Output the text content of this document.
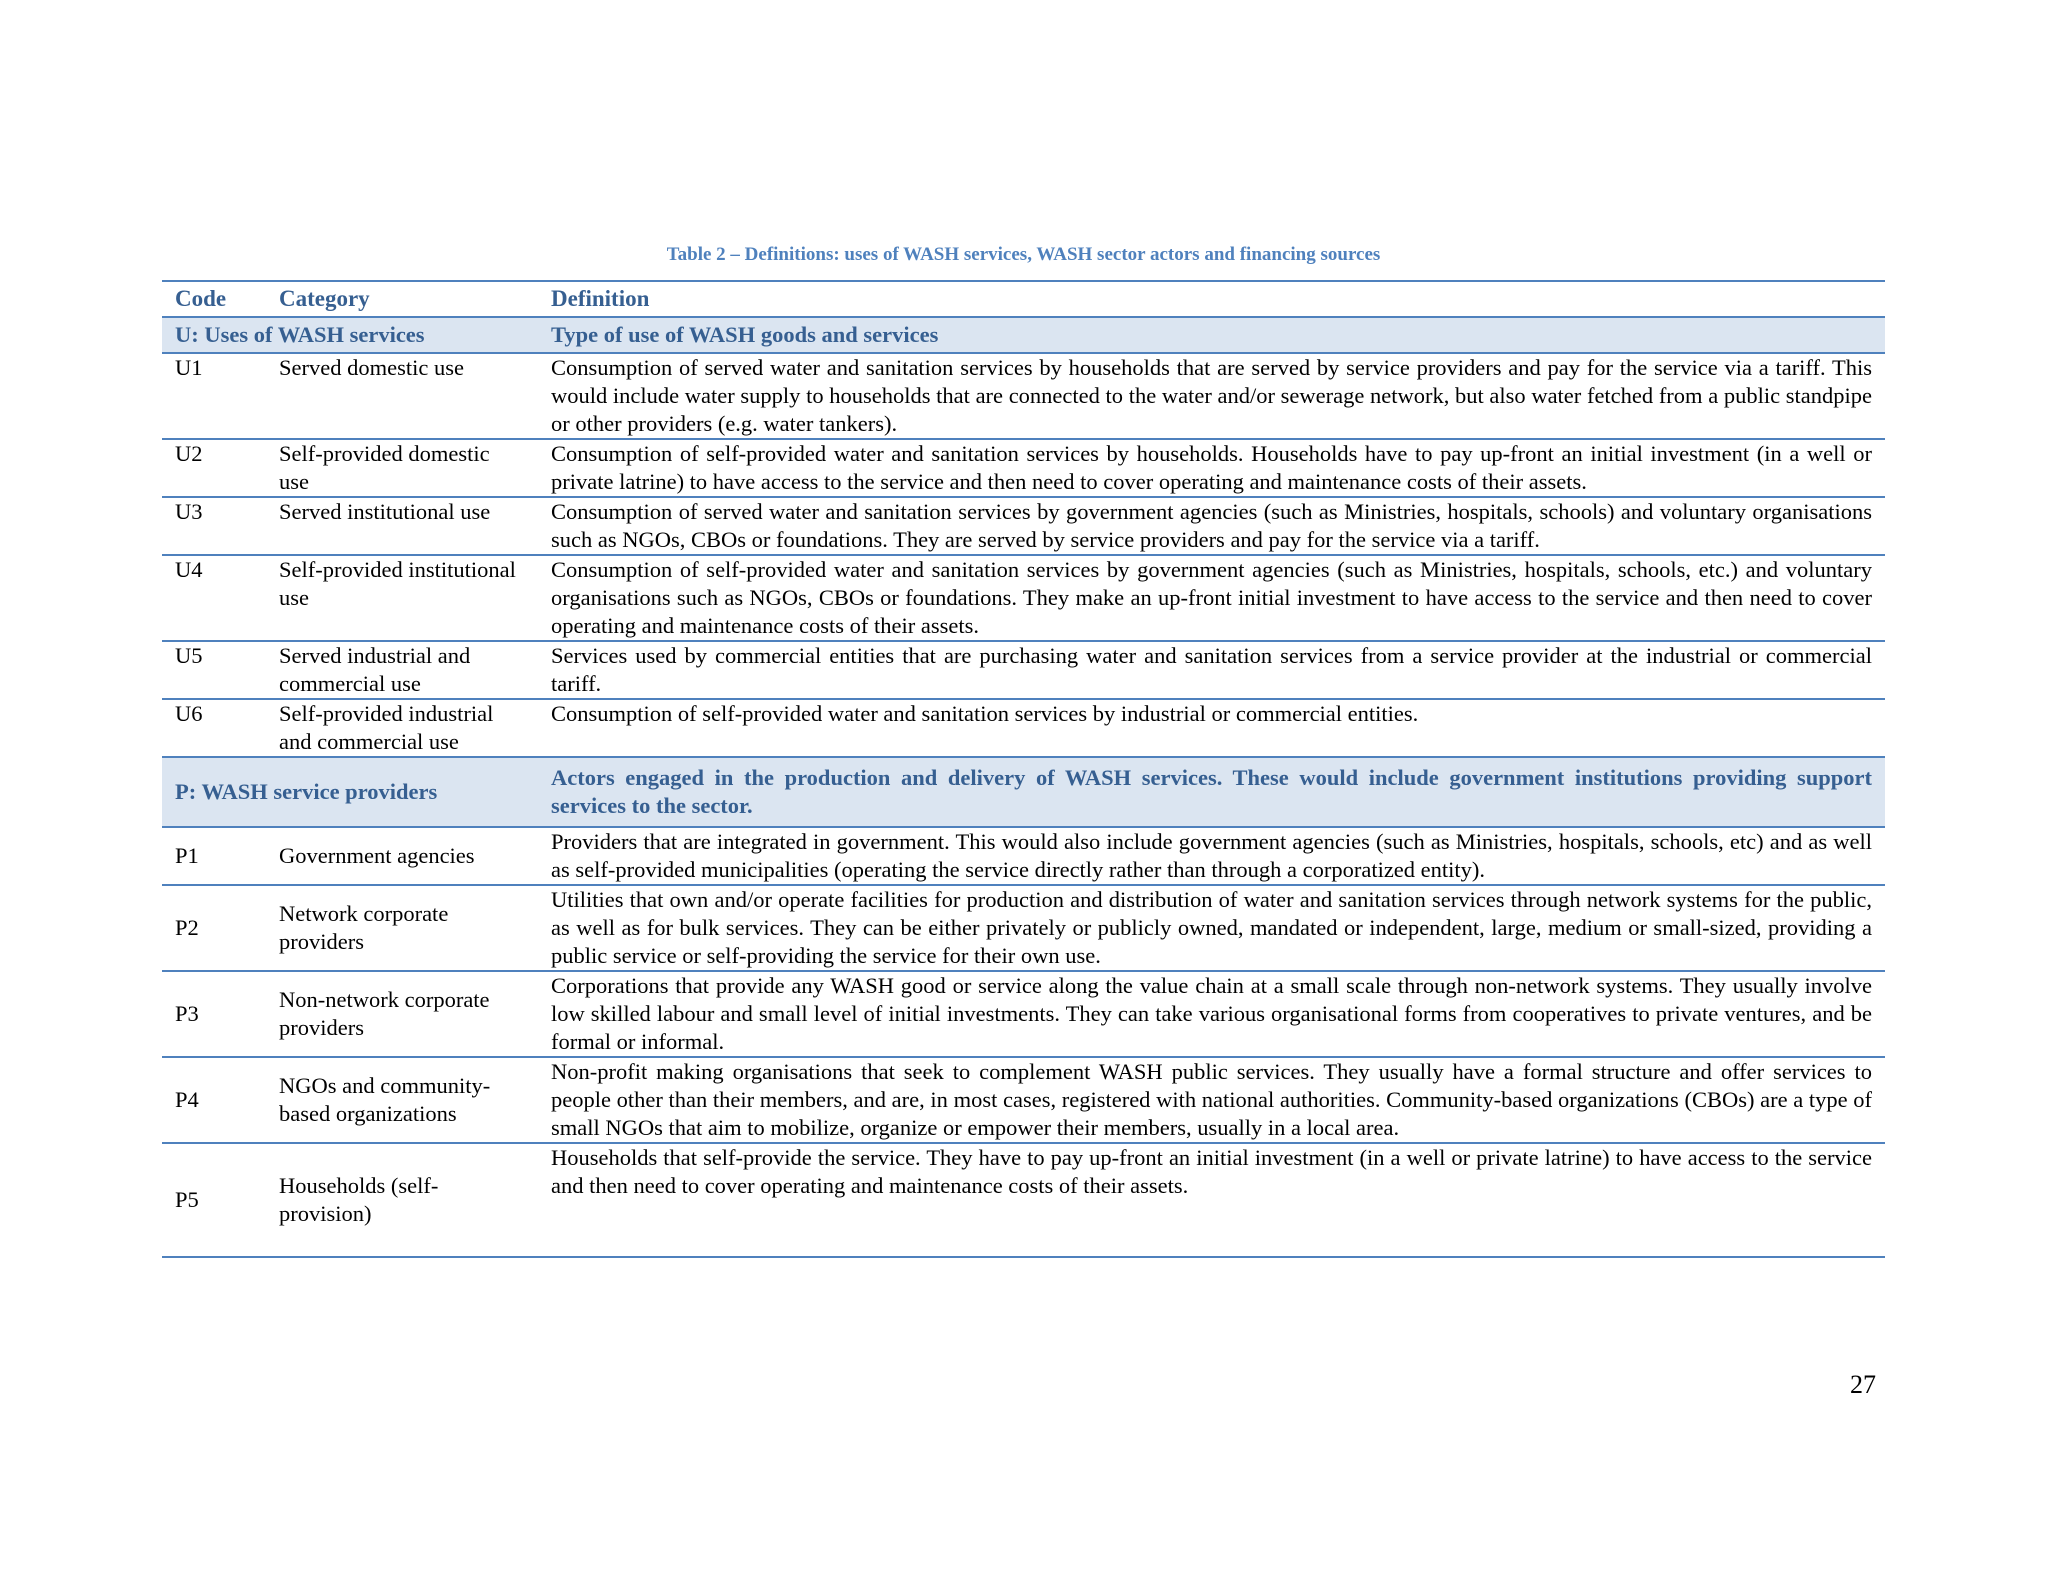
Table 2 – Definitions: uses of WASH services, WASH sector actors and financing sources
Code	Category	Definition
U: Uses of WASH services		Type of use of WASH goods and services
U1	Served domestic use	Consumption of served water and sanitation services by households that are served by service providers and pay for the service via a tariff. This would include water supply to households that are connected to the water and/or sewerage network, but also water fetched from a public standpipe or other providers (e.g. water tankers).
U2	Self-provided domestic use	Consumption of self-provided water and sanitation services by households. Households have to pay up-front an initial investment (in a well or private latrine) to have access to the service and then need to cover operating and maintenance costs of their assets.
U3	Served institutional use	Consumption of served water and sanitation services by government agencies (such as Ministries, hospitals, schools) and voluntary organisations such as NGOs, CBOs or foundations. They are served by service providers and pay for the service via a tariff.
U4	Self-provided institutional use	Consumption of self-provided water and sanitation services by government agencies (such as Ministries, hospitals, schools, etc.) and voluntary organisations such as NGOs, CBOs or foundations. They make an up-front initial investment to have access to the service and then need to cover operating and maintenance costs of their assets.
U5	Served industrial and commercial use	Services used by commercial entities that are purchasing water and sanitation services from a service provider at the industrial or commercial tariff.
U6	Self-provided industrial and commercial use	Consumption of self-provided water and sanitation services by industrial or commercial entities.
P: WASH service providers		Actors engaged in the production and delivery of WASH services. These would include government institutions providing support services to the sector.
P1	Government agencies	Providers that are integrated in government. This would also include government agencies (such as Ministries, hospitals, schools, etc) and as well as self-provided municipalities (operating the service directly rather than through a corporatized entity).
P2	Network corporate providers	Utilities that own and/or operate facilities for production and distribution of water and sanitation services through network systems for the public, as well as for bulk services. They can be either privately or publicly owned, mandated or independent, large, medium or small-sized, providing a public service or self-providing the service for their own use.
P3	Non-network corporate providers	Corporations that provide any WASH good or service along the value chain at a small scale through non-network systems. They usually involve low skilled labour and small level of initial investments. They can take various organisational forms from cooperatives to private ventures, and be formal or informal.
P4	NGOs and community-based organizations	Non-profit making organisations that seek to complement WASH public services. They usually have a formal structure and offer services to people other than their members, and are, in most cases, registered with national authorities. Community-based organizations (CBOs) are a type of small NGOs that aim to mobilize, organize or empower their members, usually in a local area.
P5	Households (self-provision)	Households that self-provide the service. They have to pay up-front an initial investment (in a well or private latrine) to have access to the service and then need to cover operating and maintenance costs of their assets.
27
